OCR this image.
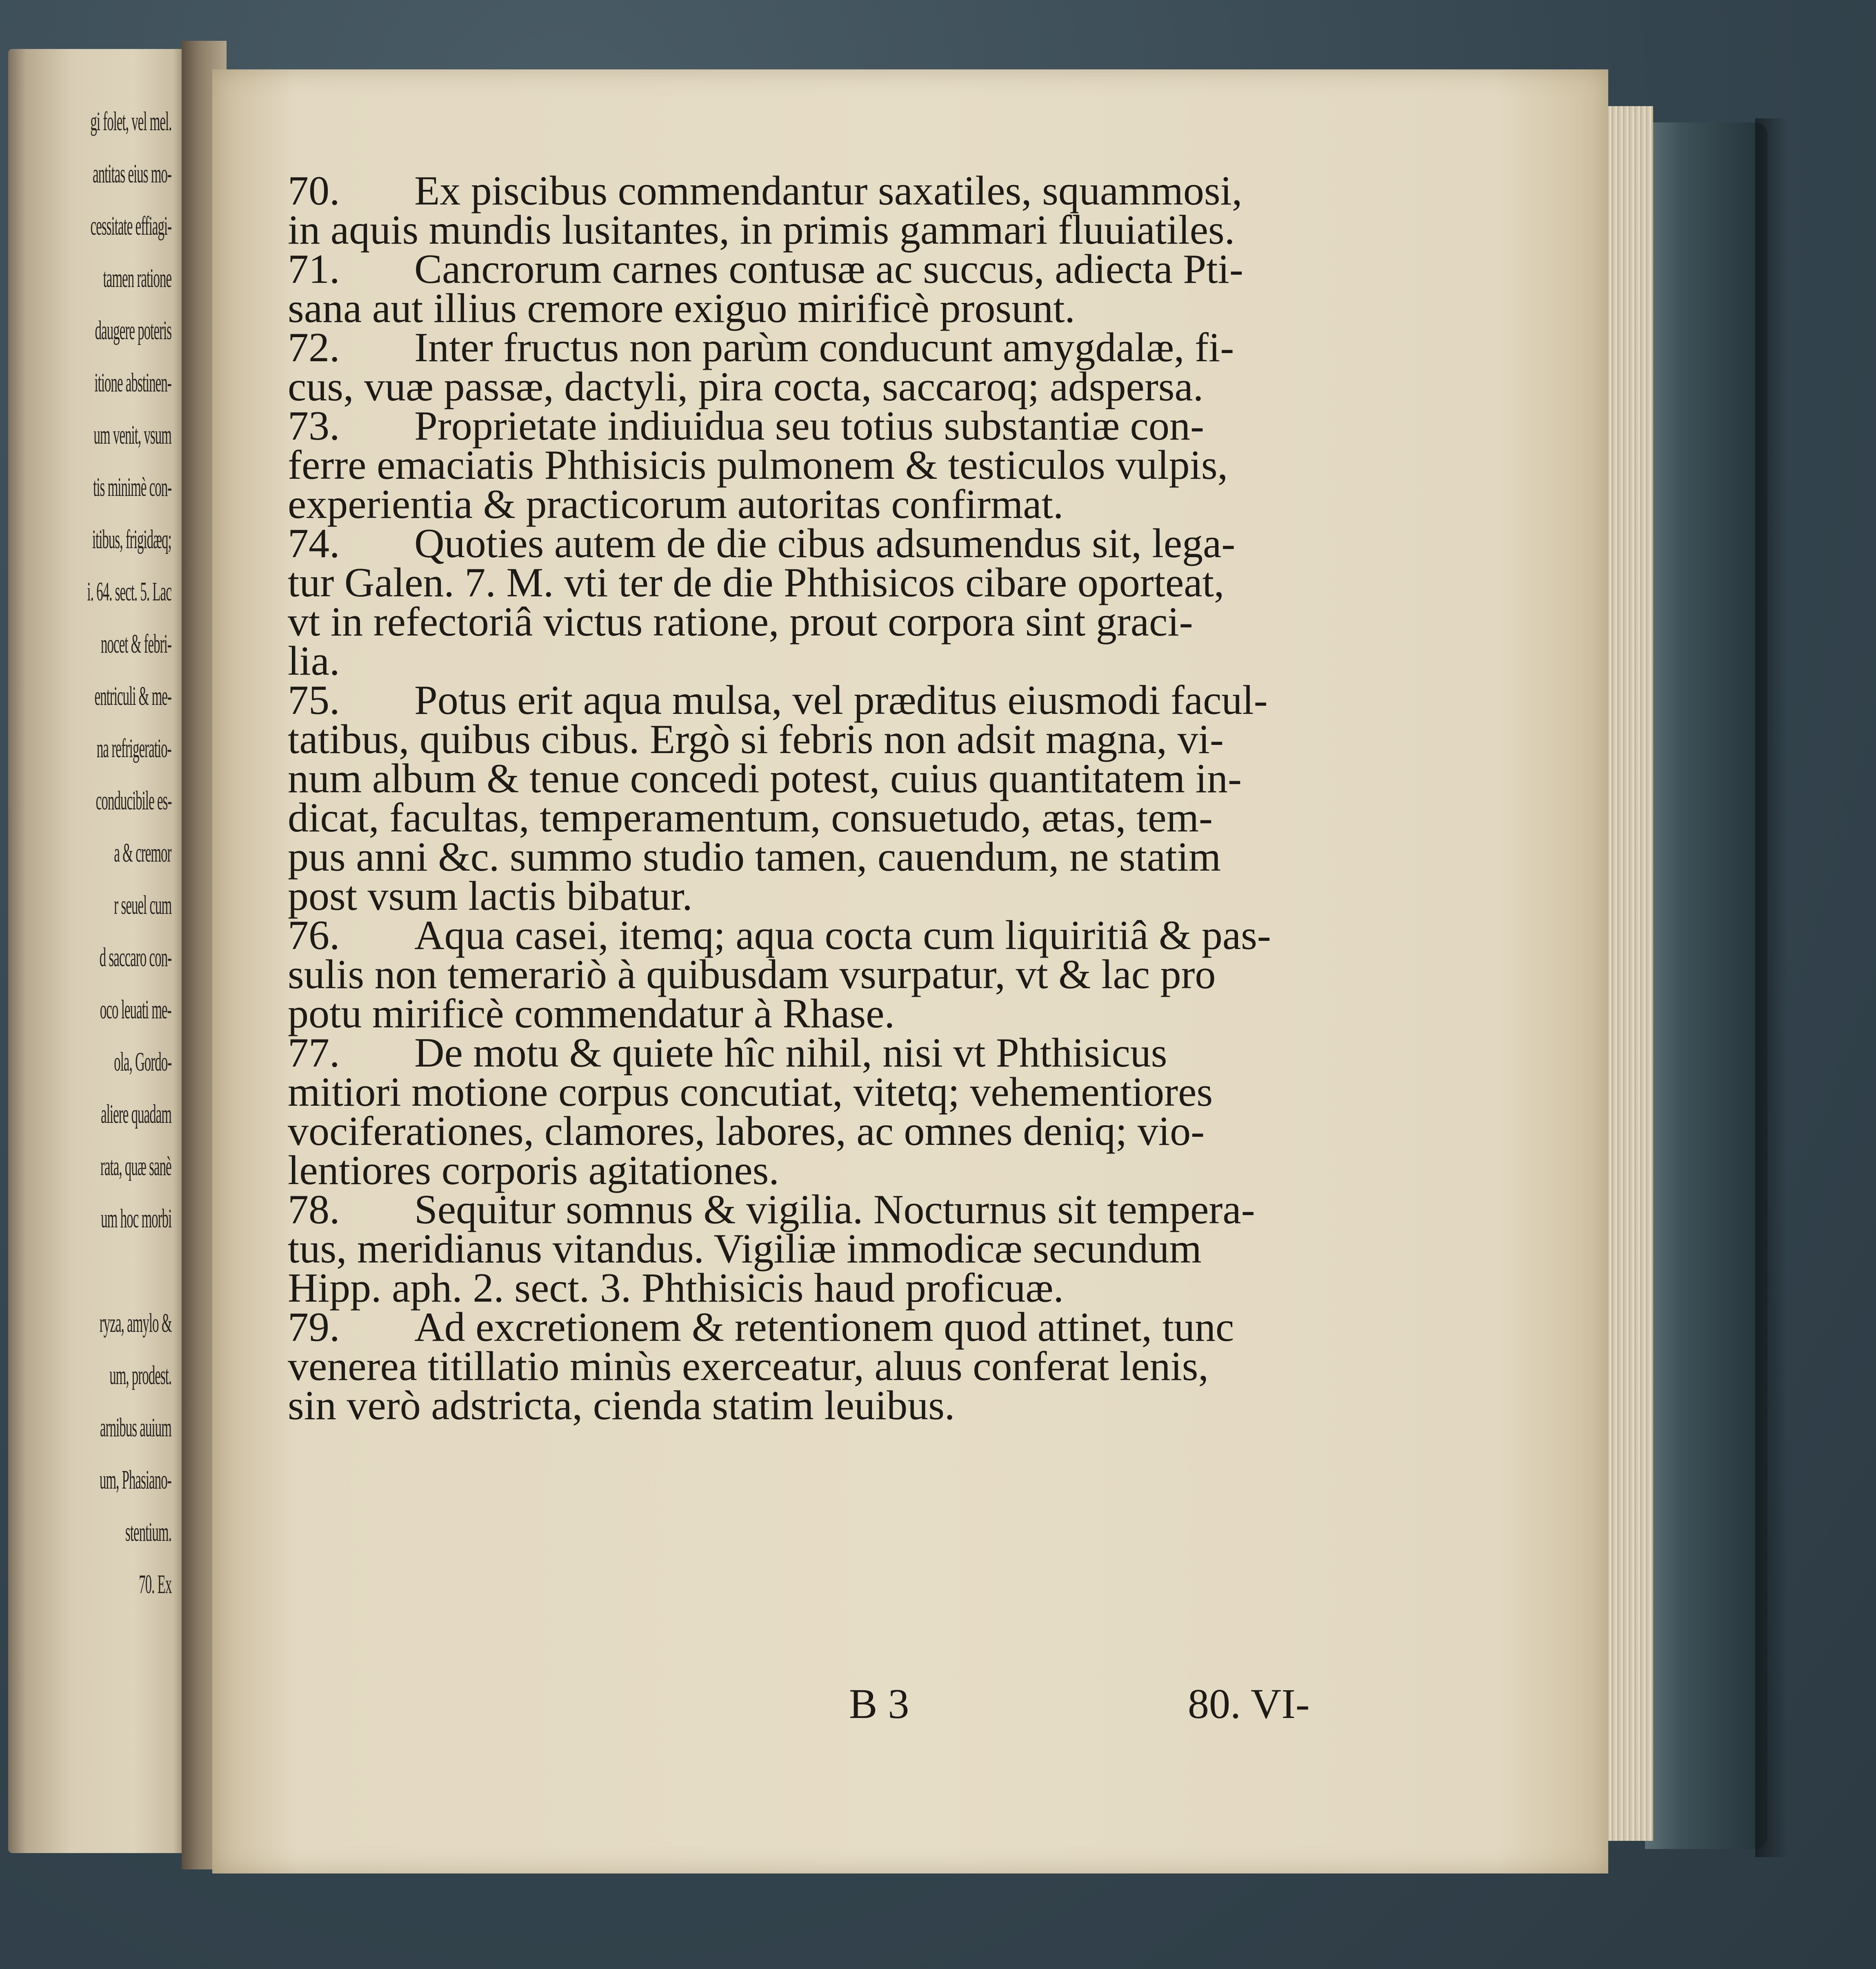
gi folet, vel mel.
antitas eius mo-
cessitate effiagi-
tamen ratione
daugere poteris
itione abstinen-
um venit, vsum
tis minimè con-
itibus, frigidæq;
i. 64. sect. 5. Lac
nocet & febri-
entriculi & me-
na refrigeratio-
conducibile es-
a & cremor
r seuel cum
d saccaro con-
oco leuati me-
ola, Gordo-
aliere quadam
rata, quæ sanè
um hoc morbi
ryza, amylo &
um, prodest.
arnibus auium
um, Phasiano-
stentium.
70. Ex
70.	Ex piscibus commendantur saxatiles, squammosi,
in aquis mundis lusitantes, in primis gammari fluuiatiles.
71.	Cancrorum carnes contusæ ac succus, adiecta Pti-
sana aut illius cremore exiguo mirificè prosunt.
72.	Inter fructus non parùm conducunt amygdalæ, fi-
cus, vuæ passæ, dactyli, pira cocta, saccaroq; adspersa.
73.	Proprietate indiuidua seu totius substantiæ con-
ferre emaciatis Phthisicis pulmonem & testiculos vulpis,
experientia & practicorum autoritas confirmat.
74.	Quoties autem de die cibus adsumendus sit, lega-
tur Galen. 7. M. vti ter de die Phthisicos cibare oporteat,
vt in refectoriâ victus ratione, prout corpora sint graci-
lia.
75.	Potus erit aqua mulsa, vel præditus eiusmodi facul-
tatibus, quibus cibus. Ergò si febris non adsit magna, vi-
num album & tenue concedi potest, cuius quantitatem in-
dicat, facultas, temperamentum, consuetudo, ætas, tem-
pus anni &c. summo studio tamen, cauendum, ne statim
post vsum lactis bibatur.
76.	Aqua casei, itemq; aqua cocta cum liquiritiâ & pas-
sulis non temerariò à quibusdam vsurpatur, vt & lac pro
potu mirificè commendatur à Rhase.
77.	De motu & quiete hîc nihil, nisi vt Phthisicus
mitiori motione corpus concutiat, vitetq; vehementiores
vociferationes, clamores, labores, ac omnes deniq; vio-
lentiores corporis agitationes.
78.	Sequitur somnus & vigilia. Nocturnus sit tempera-
tus, meridianus vitandus. Vigiliæ immodicæ secundum
Hipp. aph. 2. sect. 3. Phthisicis haud proficuæ.
79.	Ad excretionem & retentionem quod attinet, tunc
venerea titillatio minùs exerceatur, aluus conferat lenis,
sin verò adstricta, cienda statim leuibus.
B 3	80. VI-
